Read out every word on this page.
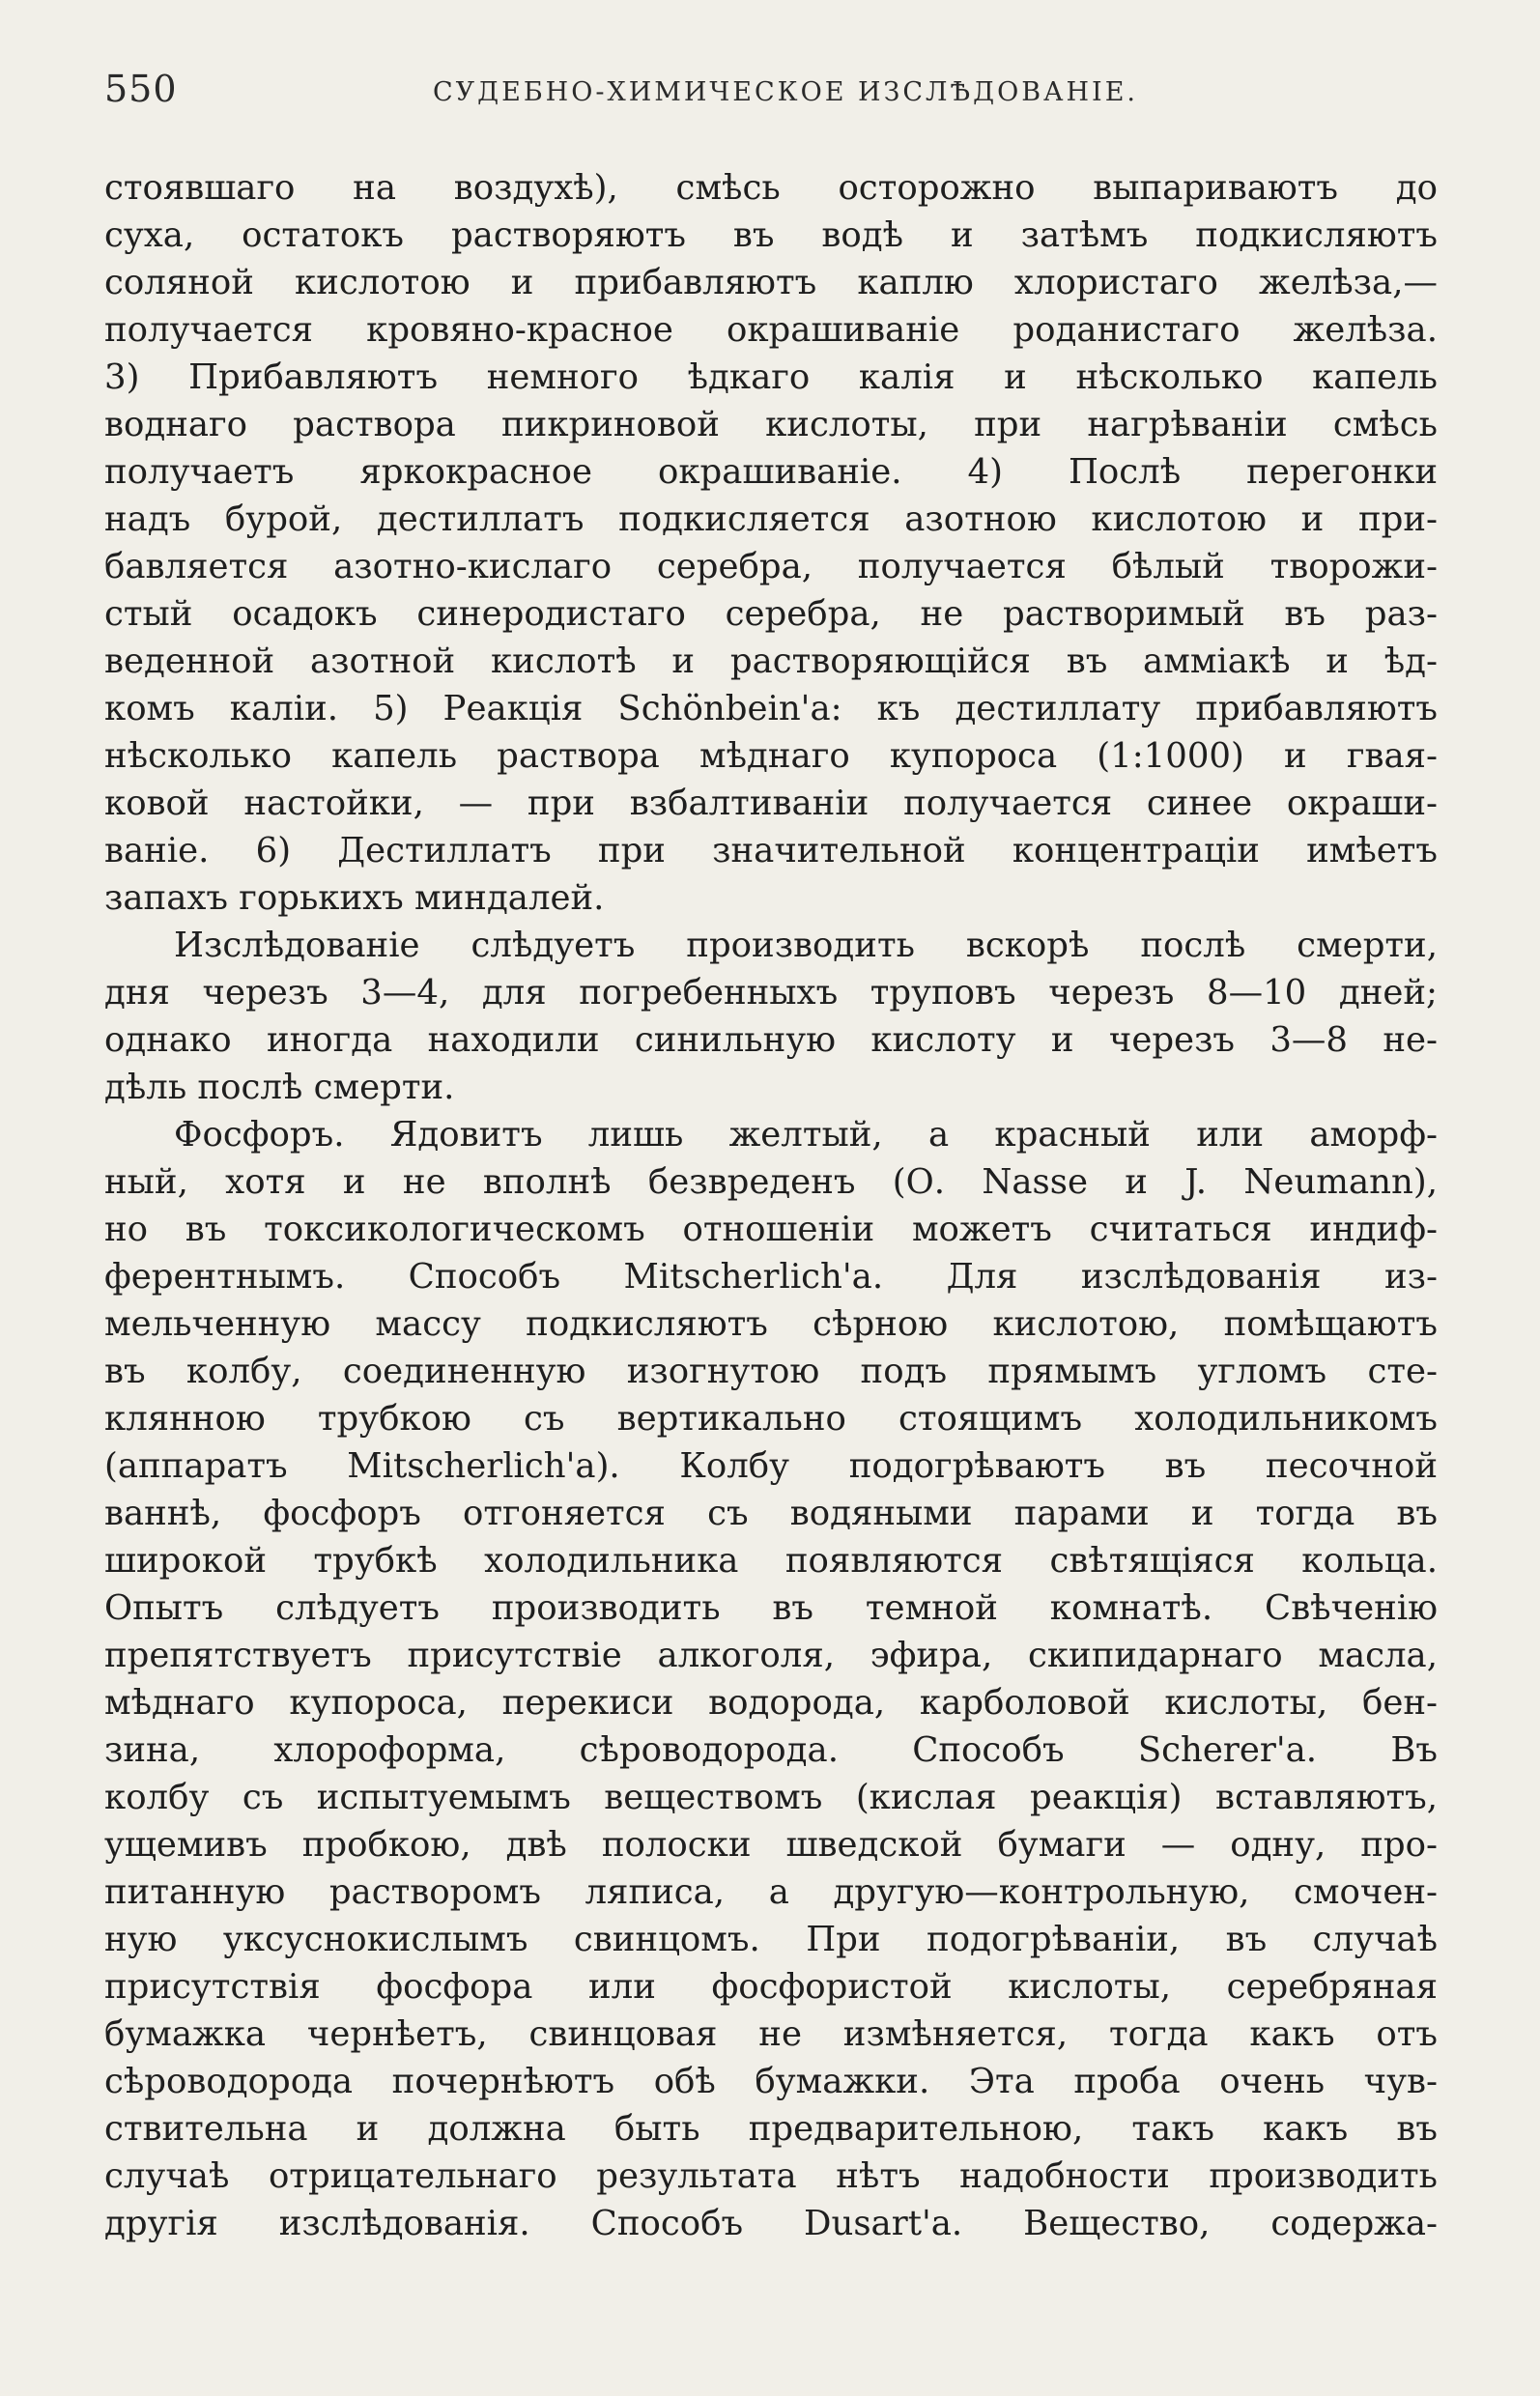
550	СУДЕБНО-ХИМИЧЕСКОЕ ИЗСЛѢДОВАНІЕ.

стоявшаго на воздухѣ), смѣсь осторожно выпариваютъ до

суха, остатокъ растворяютъ въ водѣ и затѣмъ подкисляютъ

соляной кислотою и прибавляютъ каплю хлористаго желѣза,—

получается кровяно-красное окрашиваніе роданистаго желѣза.

3) Прибавляютъ немного ѣдкаго калія и нѣсколько капель

воднаго раствора пикриновой кислоты, при нагрѣваніи смѣсь

получаетъ яркокрасное окрашиваніе. 4) Послѣ перегонки

надъ бурой, дестиллатъ подкисляется азотною кислотою и при-

бавляется азотно-кислаго серебра, получается бѣлый творожи-

стый осадокъ синеродистаго серебра, не растворимый въ раз-

веденной азотной кислотѣ и растворяющійся въ амміакѣ и ѣд-

комъ калiи. 5) Реакція Schönbein'а: къ дестиллату прибавляютъ

нѣсколько капель раствора мѣднаго купороса (1:1000) и гвая-

ковой настойки, — при взбалтиваніи получается синее окраши-

ваніе. 6) Дестиллатъ при значительной концентраціи имѣетъ

запахъ горькихъ миндалей.

Изслѣдованіе слѣдуетъ производить вскорѣ послѣ смерти,

дня черезъ 3—4, для погребенныхъ труповъ черезъ 8—10 дней;

однако иногда находили синильную кислоту и черезъ 3—8 не-

дѣль послѣ смерти.

Фосфоръ. Ядовитъ лишь желтый, а красный или аморф-

ный, хотя и не вполнѣ безвреденъ (О. Nasse и J. Neumann),

но въ токсикологическомъ отношеніи можетъ считаться индиф-

ферентнымъ. Способъ Mitscherlich'а. Для изслѣдованія из-

мельченную массу подкисляютъ сѣрною кислотою, помѣщаютъ

въ колбу, соединенную изогнутою подъ прямымъ угломъ сте-

клянною трубкою съ вертикально стоящимъ холодильникомъ

(аппаратъ Mitscherlich'а). Колбу подогрѣваютъ въ песочной

ваннѣ, фосфоръ отгоняется съ водяными парами и тогда въ

широкой трубкѣ холодильника появляются свѣтящіяся кольца.

Опытъ слѣдуетъ производить въ темной комнатѣ. Свѣченію

препятствуетъ присутствіе алкоголя, эфира, скипидарнаго масла,

мѣднаго купороса, перекиси водорода, карболовой кислоты, бен-

зина, хлороформа, сѣроводорода. Способъ Scherer'а. Въ

колбу съ испытуемымъ веществомъ (кислая реакція) вставляютъ,

ущемивъ пробкою, двѣ полоски шведской бумаги — одну, про-

питанную растворомъ ляписа, а другую—контрольную, смочен-

ную уксуснокислымъ свинцомъ. При подогрѣваніи, въ случаѣ

присутствія фосфора или фосфористой кислоты, серебряная

бумажка чернѣетъ, свинцовая не измѣняется, тогда какъ отъ

сѣроводорода почернѣютъ обѣ бумажки. Эта проба очень чув-

ствительна и должна быть предварительною, такъ какъ въ

случаѣ отрицательнаго результата нѣтъ надобности производить

другія изслѣдованія. Способъ Dusart'а. Вещество, содержа-
